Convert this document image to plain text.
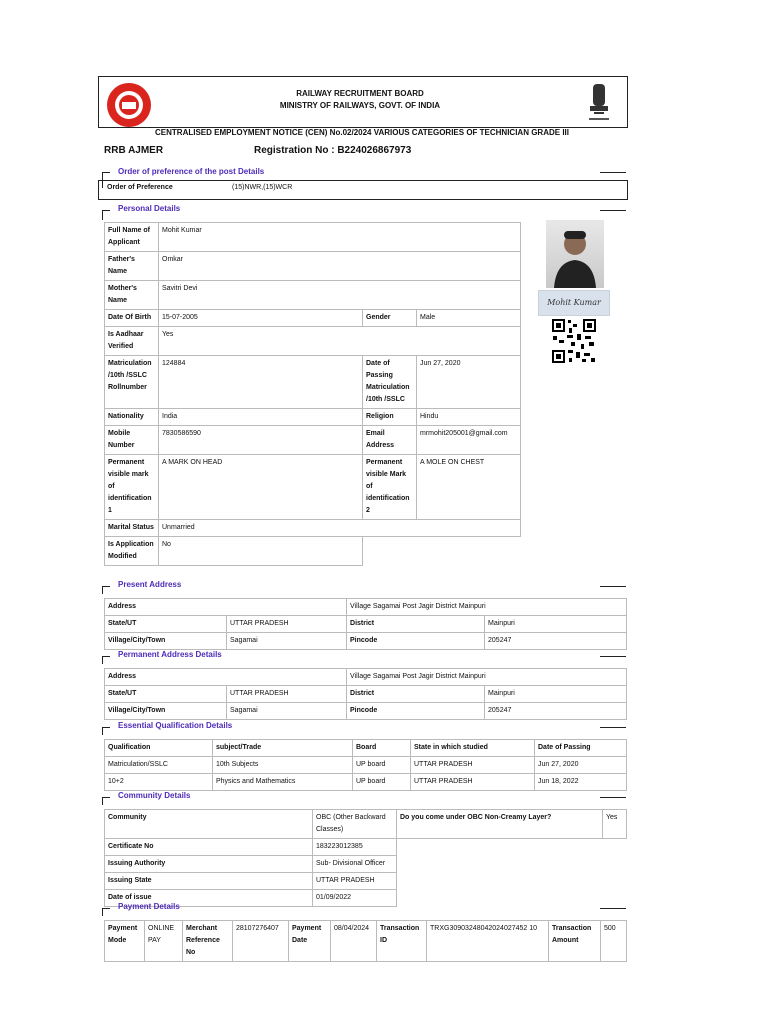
RAILWAY RECRUITMENT BOARD
MINISTRY OF RAILWAYS, GOVT. OF INDIA
CENTRALISED EMPLOYMENT NOTICE (CEN) No.02/2024 VARIOUS CATEGORIES OF TECHNICIAN GRADE III
RRB AJMER	Registration No : B224026867973
Order of preference of the post Details
Order of Preference	(15)NWR,(15)WCR
Personal Details
Full Name of Applicant	Mohit Kumar		
Father's Name	Omkar		
Mother's Name	Savitri Devi		
Date Of Birth	15-07-2005	Gender	Male
Is Aadhaar Verified	Yes		
Matriculation /10th /SSLC Rollnumber	124884	Date of Passing Matriculation /10th /SSLC	Jun 27, 2020
Nationality	India	Religion	Hindu
Mobile Number	7830586590	Email Address	mrmohit205001@gmail.com
Permanent visible mark of identification 1	A MARK ON HEAD	Permanent visible Mark of identification 2	A MOLE ON CHEST
Marital Status	Unmarried		
Is Application Modified	No		
Mohit Kumar
Present Address
Address		Village Sagamai Post Jagir District Mainpuri	
State/UT	UTTAR PRADESH	District	Mainpuri
Village/City/Town	Sagamai	Pincode	205247
Permanent Address Details
Address		Village Sagamai Post Jagir District Mainpuri	
State/UT	UTTAR PRADESH	District	Mainpuri
Village/City/Town	Sagamai	Pincode	205247
Essential Qualification Details
Qualification	subject/Trade	Board	State in which studied	Date of Passing
Matriculation/SSLC	10th Subjects	UP board	UTTAR PRADESH	Jun 27, 2020
10+2	Physics and Mathematics	UP board	UTTAR PRADESH	Jun 18, 2022
Community Details
Community	OBC (Other Backward Classes)	Do you come under OBC Non-Creamy Layer?	Yes
Certificate No	183223012385		
Issuing Authority	Sub- Divisional Officer		
Issuing State	UTTAR PRADESH		
Date of issue	01/09/2022		
Payment Details
Payment Mode	ONLINE PAY	Merchant Reference No	28107276407	Payment Date	08/04/2024	Transaction ID	TRXG30903248042024027452 10	Transaction Amount	500
